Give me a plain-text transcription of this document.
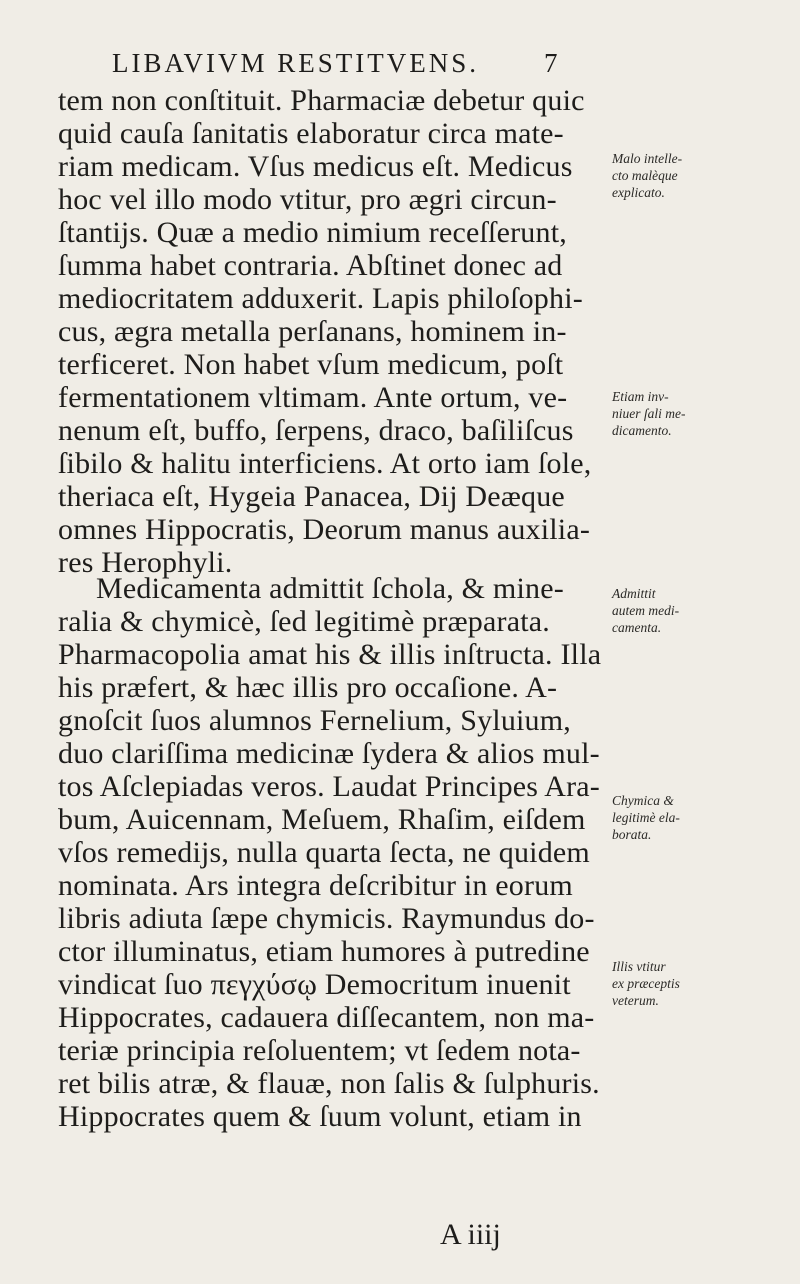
LIBAVIVM RESTITVENS. 7
tem non conſtituit. Pharmaciæ debetur quic
quid cauſa ſanitatis elaboratur circa mate-
riam medicam. Vſus medicus eſt. Medicus
hoc vel illo modo vtitur, pro ægri circun-
ſtantijs. Quæ a medio nimium receſſerunt,
ſumma habet contraria. Abſtinet donec ad
mediocritatem adduxerit. Lapis philoſophi-
cus, ægra metalla perſanans, hominem in-
terficeret. Non habet vſum medicum, poſt
fermentationem vltimam. Ante ortum, ve-
nenum eſt, buffo, ſerpens, draco, baſiliſcus
ſibilo & halitu interficiens. At orto iam ſole,
theriaca eſt, Hygeia Panacea, Dij Deæque
omnes Hippocratis, Deorum manus auxilia-
res Herophyli.
Medicamenta admittit ſchola, & mine-
ralia & chymicè, ſed legitimè præparata.
Pharmacopolia amat his & illis inſtructa. Illa
his præfert, & hæc illis pro occaſione. A-
gnoſcit ſuos alumnos Fernelium, Syluium,
duo clariſſima medicinæ ſydera & alios mul-
tos Aſclepiadas veros. Laudat Principes Ara-
bum, Auicennam, Meſuem, Rhaſim, eiſdem
vſos remedijs, nulla quarta ſecta, ne quidem
nominata. Ars integra deſcribitur in eorum
libris adiuta ſæpe chymicis. Raymundus do-
ctor illuminatus, etiam humores à putredine
vindicat ſuo πεγχύσῳ Democritum inuenit
Hippocrates, cadauera diſſecantem, non ma-
teriæ principia reſoluentem; vt ſedem nota-
ret bilis atræ, & flauæ, non ſalis & ſulphuris.
Hippocrates quem & ſuum volunt, etiam in
Malo intelle-
cto malèque
explicato.
Etiam inv-
niuer ſali me-
dicamento.
Admittit
autem medi-
camenta.
Chymica &
legitimè ela-
borata.
Illis vtitur
ex præceptis
veterum.
A iiij
